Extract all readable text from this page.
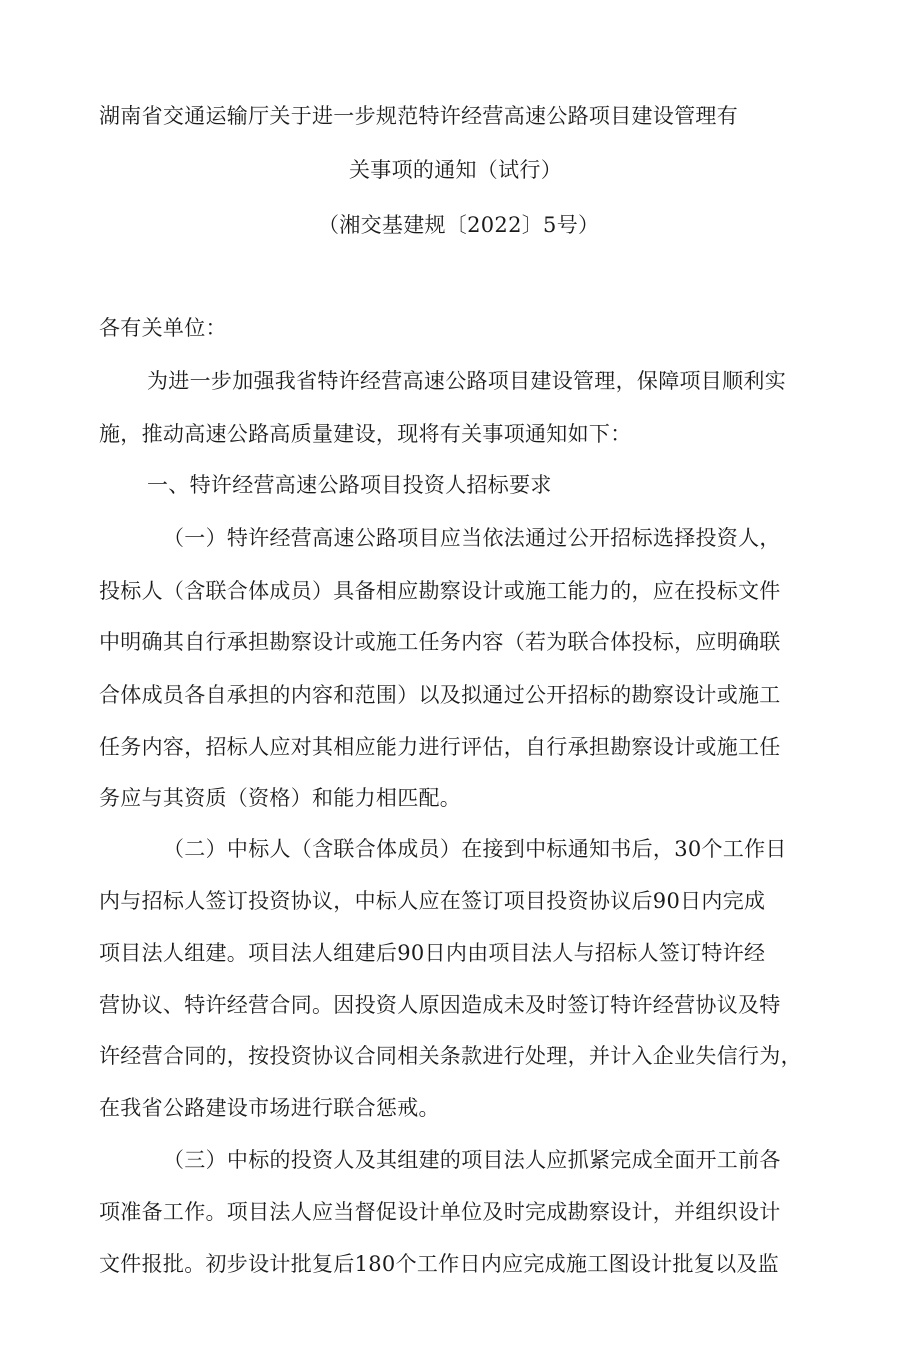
湖南省交通运输厅关于进一步规范特许经营高速公路项目建设管理有
关事项的通知（试行）
（湘交基建规〔2022〕5号）
各有关单位：
为进一步加强我省特许经营高速公路项目建设管理，保障项目顺利实
施，推动高速公路高质量建设，现将有关事项通知如下：
一、特许经营高速公路项目投资人招标要求
（一）特许经营高速公路项目应当依法通过公开招标选择投资人，
投标人（含联合体成员）具备相应勘察设计或施工能力的，应在投标文件
中明确其自行承担勘察设计或施工任务内容（若为联合体投标，应明确联
合体成员各自承担的内容和范围）以及拟通过公开招标的勘察设计或施工
任务内容，招标人应对其相应能力进行评估，自行承担勘察设计或施工任
务应与其资质（资格）和能力相匹配。
（二）中标人（含联合体成员）在接到中标通知书后，30个工作日
内与招标人签订投资协议，中标人应在签订项目投资协议后90日内完成
项目法人组建。项目法人组建后90日内由项目法人与招标人签订特许经
营协议、特许经营合同。因投资人原因造成未及时签订特许经营协议及特
许经营合同的，按投资协议合同相关条款进行处理，并计入企业失信行为，
在我省公路建设市场进行联合惩戒。
（三）中标的投资人及其组建的项目法人应抓紧完成全面开工前各
项准备工作。项目法人应当督促设计单位及时完成勘察设计，并组织设计
文件报批。初步设计批复后180个工作日内应完成施工图设计批复以及监
